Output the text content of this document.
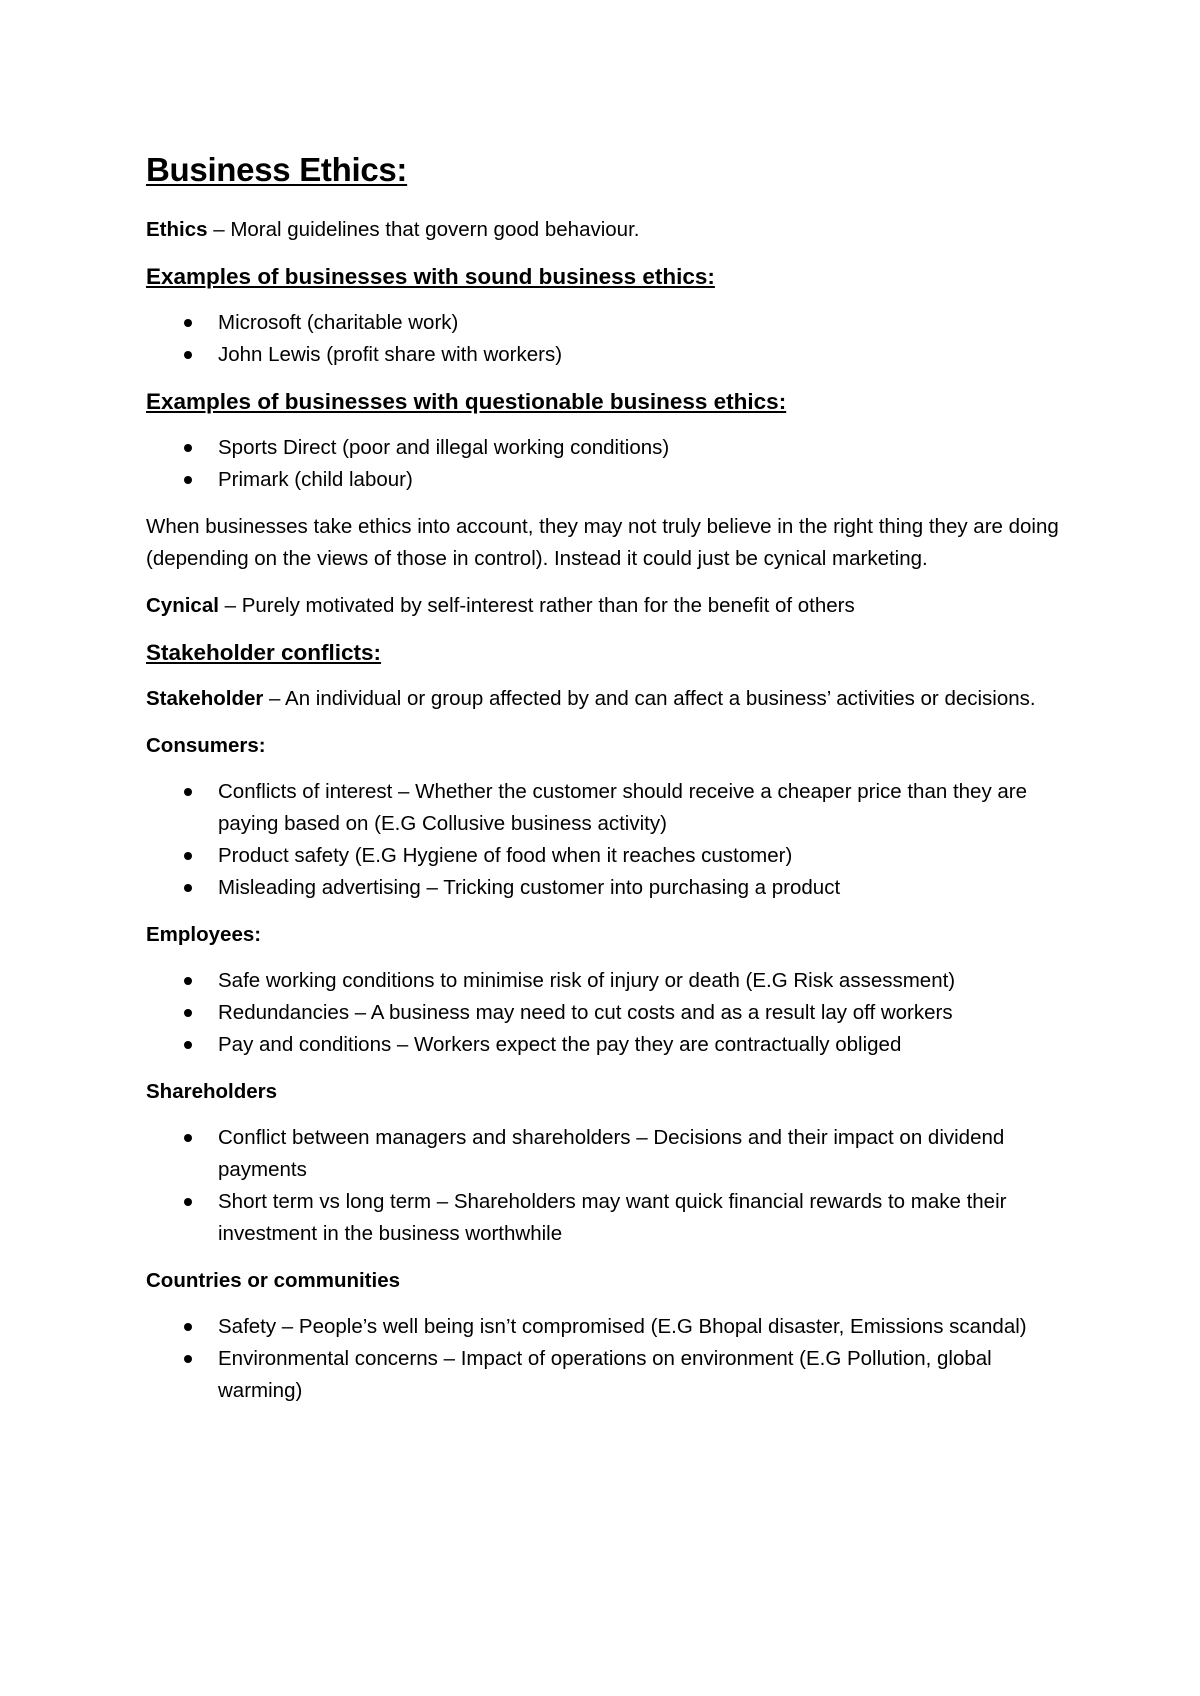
Business Ethics:

Ethics – Moral guidelines that govern good behaviour.

Examples of businesses with sound business ethics:
Microsoft (charitable work)
John Lewis (profit share with workers)
Examples of businesses with questionable business ethics:
Sports Direct (poor and illegal working conditions)
Primark (child labour)

When businesses take ethics into account, they may not truly believe in the right thing they are doing (depending on the views of those in control). Instead it could just be cynical marketing.

Cynical – Purely motivated by self-interest rather than for the benefit of others

Stakeholder conflicts:

Stakeholder – An individual or group affected by and can affect a business’ activities or decisions.

Consumers:
Conflicts of interest – Whether the customer should receive a cheaper price than they are paying based on (E.G Collusive business activity)
Product safety (E.G Hygiene of food when it reaches customer)
Misleading advertising – Tricking customer into purchasing a product
Employees:
Safe working conditions to minimise risk of injury or death (E.G Risk assessment)
Redundancies – A business may need to cut costs and as a result lay off workers
Pay and conditions – Workers expect the pay they are contractually obliged
Shareholders
Conflict between managers and shareholders – Decisions and their impact on dividend payments
Short term vs long term – Shareholders may want quick financial rewards to make their investment in the business worthwhile
Countries or communities
Safety – People’s well being isn’t compromised (E.G Bhopal disaster, Emissions scandal)
Environmental concerns – Impact of operations on environment (E.G Pollution, global warming)
